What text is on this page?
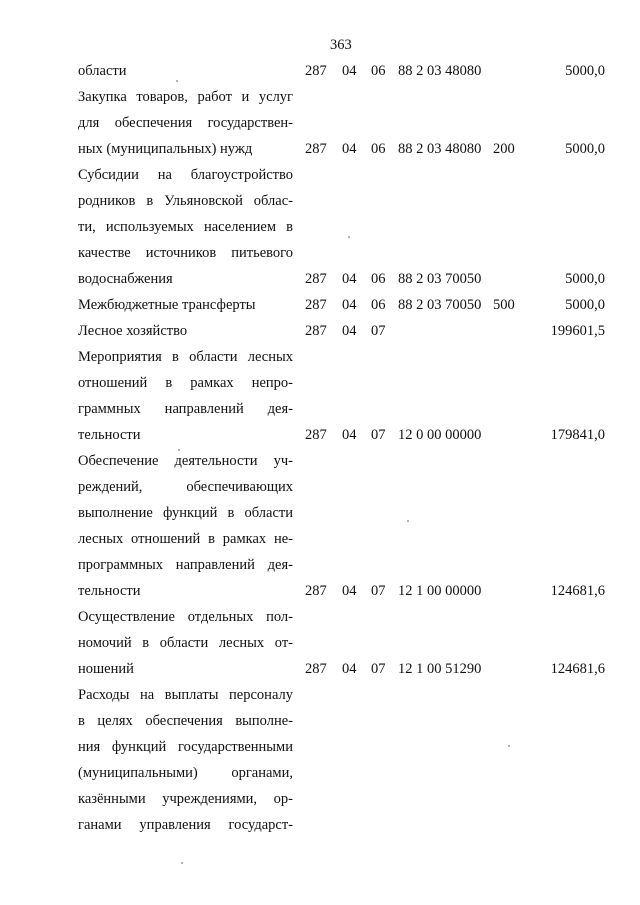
363
области	287 04 06 88 2 03 48080	5000,0
Закупка товаров, работ и услуг
для обеспечения государствен-
ных (муниципальных) нужд	287 04 06 88 2 03 48080 200	5000,0
Субсидии на благоустройство
родников в Ульяновской облас-
ти, используемых населением в
качестве источников питьевого
водоснабжения	287 04 06 88 2 03 70050	5000,0
Межбюджетные трансферты	287 04 06 88 2 03 70050 500	5000,0
Лесное хозяйство	287 04 07	199601,5
Мероприятия в области лесных
отношений в рамках непро-
граммных направлений дея-
тельности	287 04 07 12 0 00 00000	179841,0
Обеспечение деятельности уч-
реждений, обеспечивающих
выполнение функций в области
лесных отношений в рамках не-
программных направлений дея-
тельности	287 04 07 12 1 00 00000	124681,6
Осуществление отдельных пол-
номочий в области лесных от-
ношений	287 04 07 12 1 00 51290	124681,6
Расходы на выплаты персоналу
в целях обеспечения выполне-
ния функций государственными
(муниципальными) органами,
казёнными учреждениями, ор-
ганами управления государст-
